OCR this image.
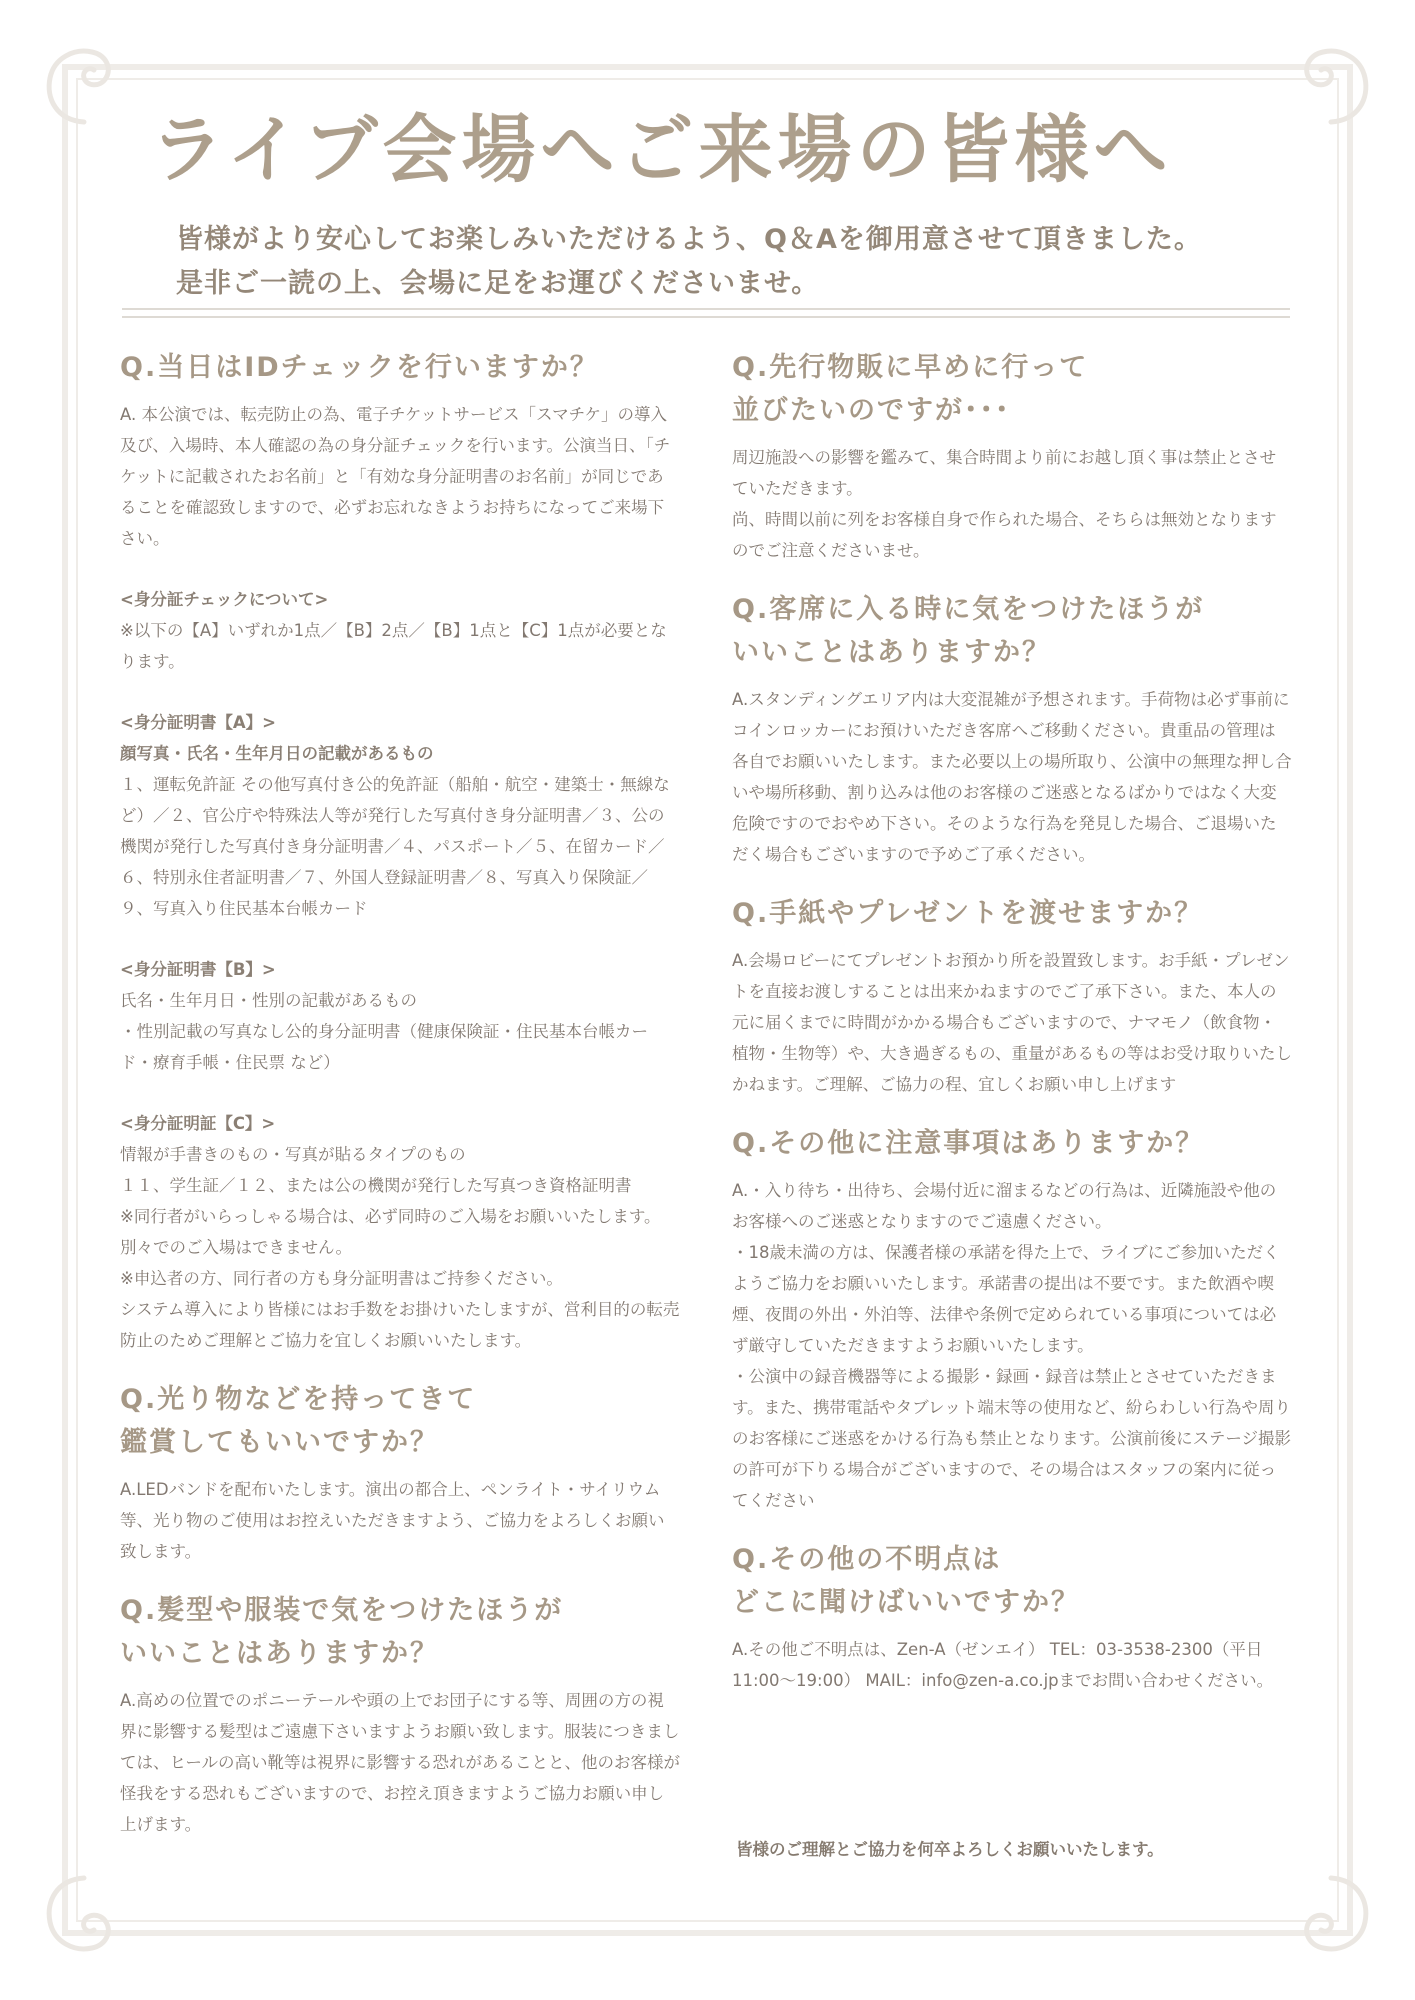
ライブ会場へご来場の皆様へ
皆様がより安心してお楽しみいただけるよう、Q＆Aを御用意させて頂きました。
是非ご一読の上、会場に足をお運びくださいませ。
Q.当日はIDチェックを行いますか？

A. 本公演では、転売防止の為、電子チケットサービス「スマチケ」の導入及び、入場時、本人確認の為の身分証チェックを行います。公演当日、「チケットに記載されたお名前」と「有効な身分証明書のお名前」が同じであることを確認致しますので、必ずお忘れなきようお持ちになってご来場下さい。

<身分証チェックについて>

※以下の【A】いずれか1点／【B】2点／【B】1点と【C】1点が必要となります。

<身分証明書【A】>

顔写真・氏名・生年月日の記載があるもの

１、運転免許証 その他写真付き公的免許証（船舶・航空・建築士・無線など）／２、官公庁や特殊法人等が発行した写真付き身分証明書／３、公の機関が発行した写真付き身分証明書／４、パスポート／５、在留カード／６、特別永住者証明書／７、外国人登録証明書／８、写真入り保険証／９、写真入り住民基本台帳カード

<身分証明書【B】>

氏名・生年月日・性別の記載があるもの

・性別記載の写真なし公的身分証明書（健康保険証・住民基本台帳カード・療育手帳・住民票 など）

<身分証明証【C】>

情報が手書きのもの・写真が貼るタイプのもの

１１、学生証／１２、または公の機関が発行した写真つき資格証明書

※同行者がいらっしゃる場合は、必ず同時のご入場をお願いいたします。別々でのご入場はできません。

※申込者の方、同行者の方も身分証明書はご持参ください。

システム導入により皆様にはお手数をお掛けいたしますが、営利目的の転売防止のためご理解とご協力を宜しくお願いいたします。

Q.光り物などを持ってきて
鑑賞してもいいですか？

A.LEDバンドを配布いたします。演出の都合上、ペンライト・サイリウム等、光り物のご使用はお控えいただきますよう、ご協力をよろしくお願い致します。

Q.髪型や服装で気をつけたほうが
いいことはありますか？

A.高めの位置でのポニーテールや頭の上でお団子にする等、周囲の方の視界に影響する髪型はご遠慮下さいますようお願い致します。服装につきましては、ヒールの高い靴等は視界に影響する恐れがあることと、他のお客様が怪我をする恐れもございますので、お控え頂きますようご協力お願い申し上げます。

Q.先行物販に早めに行って
並びたいのですが･･･

周辺施設への影響を鑑みて、集合時間より前にお越し頂く事は禁止とさせていただきます。

尚、時間以前に列をお客様自身で作られた場合、そちらは無効となりますのでご注意くださいませ。

Q.客席に入る時に気をつけたほうが
いいことはありますか？

A.スタンディングエリア内は大変混雑が予想されます。手荷物は必ず事前にコインロッカーにお預けいただき客席へご移動ください。貴重品の管理は各自でお願いいたします。また必要以上の場所取り、公演中の無理な押し合いや場所移動、割り込みは他のお客様のご迷惑となるばかりではなく大変危険ですのでおやめ下さい。そのような行為を発見した場合、ご退場いただく場合もございますので予めご了承ください。

Q.手紙やプレゼントを渡せますか？

A.会場ロビーにてプレゼントお預かり所を設置致します。お手紙・プレゼントを直接お渡しすることは出来かねますのでご了承下さい。また、本人の元に届くまでに時間がかかる場合もございますので、ナマモノ（飲食物・植物・生物等）や、大き過ぎるもの、重量があるもの等はお受け取りいたしかねます。ご理解、ご協力の程、宜しくお願い申し上げます

Q.その他に注意事項はありますか？

A.・入り待ち・出待ち、会場付近に溜まるなどの行為は、近隣施設や他のお客様へのご迷惑となりますのでご遠慮ください。

・18歳未満の方は、保護者様の承諾を得た上で、ライブにご参加いただくようご協力をお願いいたします。承諾書の提出は不要です。また飲酒や喫煙、夜間の外出・外泊等、法律や条例で定められている事項については必ず厳守していただきますようお願いいたします。

・公演中の録音機器等による撮影・録画・録音は禁止とさせていただきます。また、携帯電話やタブレット端末等の使用など、紛らわしい行為や周りのお客様にご迷惑をかける行為も禁止となります。公演前後にステージ撮影の許可が下りる場合がございますので、その場合はスタッフの案内に従ってください

Q.その他の不明点は
どこに聞けばいいですか？

A.その他ご不明点は、Zen-A（ゼンエイ） TEL：03-3538-2300（平日11:00～19:00） MAIL：info@zen-a.co.jpまでお問い合わせください。

皆様のご理解とご協力を何卒よろしくお願いいたします。
